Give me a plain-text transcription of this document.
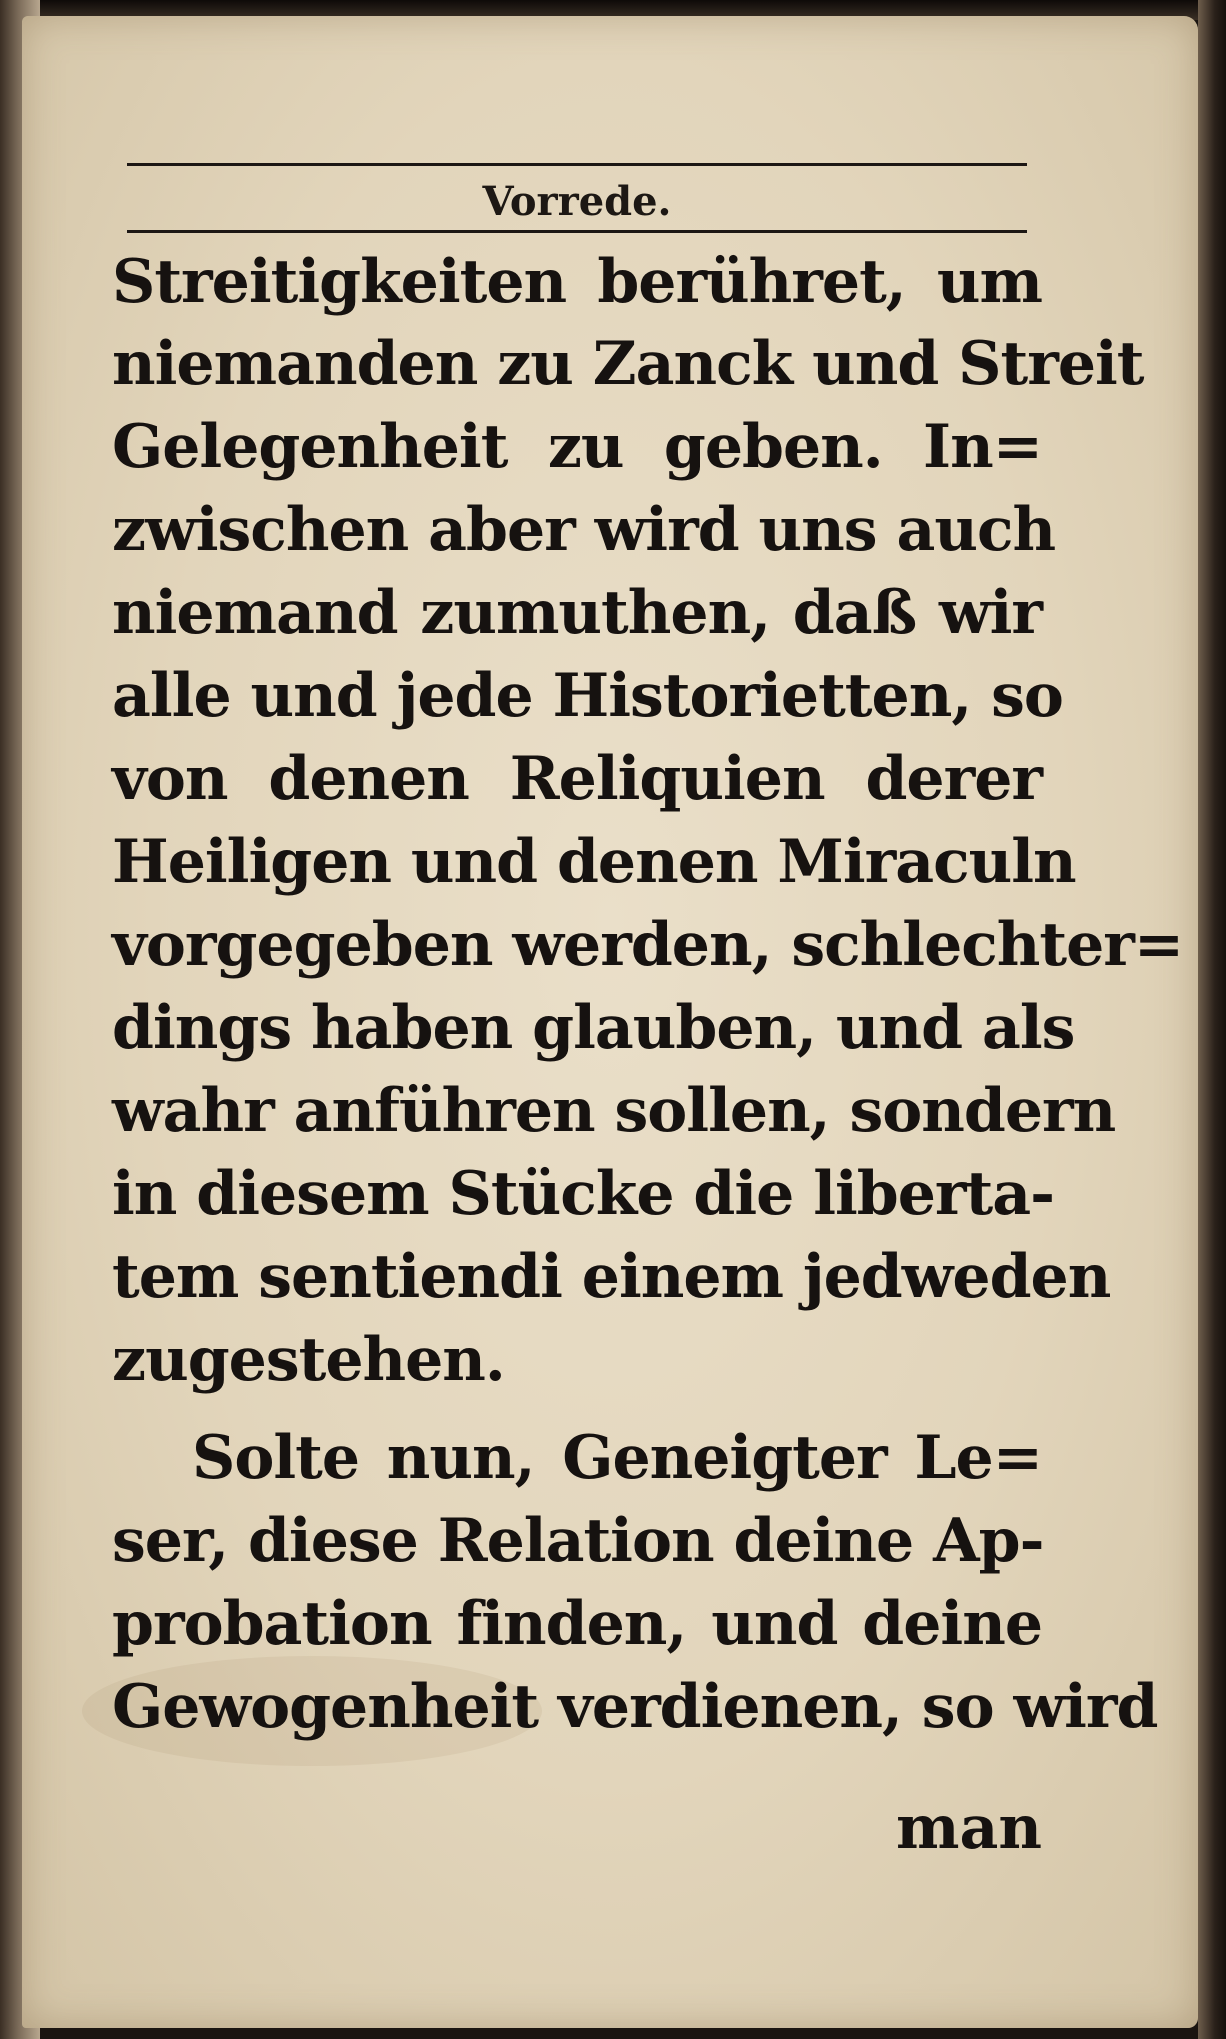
Vorrede.
Streitigkeiten berühret, um
niemanden zu Zanck und Streit
Gelegenheit zu geben. In=
zwischen aber wird uns auch
niemand zumuthen, daß wir
alle und jede Historietten, so
von denen Reliquien derer
Heiligen und denen Miraculn
vorgegeben werden, schlechter=
dings haben glauben, und als
wahr anführen sollen, sondern
in diesem Stücke die liberta-
tem sentiendi einem jedweden
zugestehen.
Solte nun, Geneigter Le=
ser, diese Relation deine Ap-
probation finden, und deine
Gewogenheit verdienen, so wird
man
